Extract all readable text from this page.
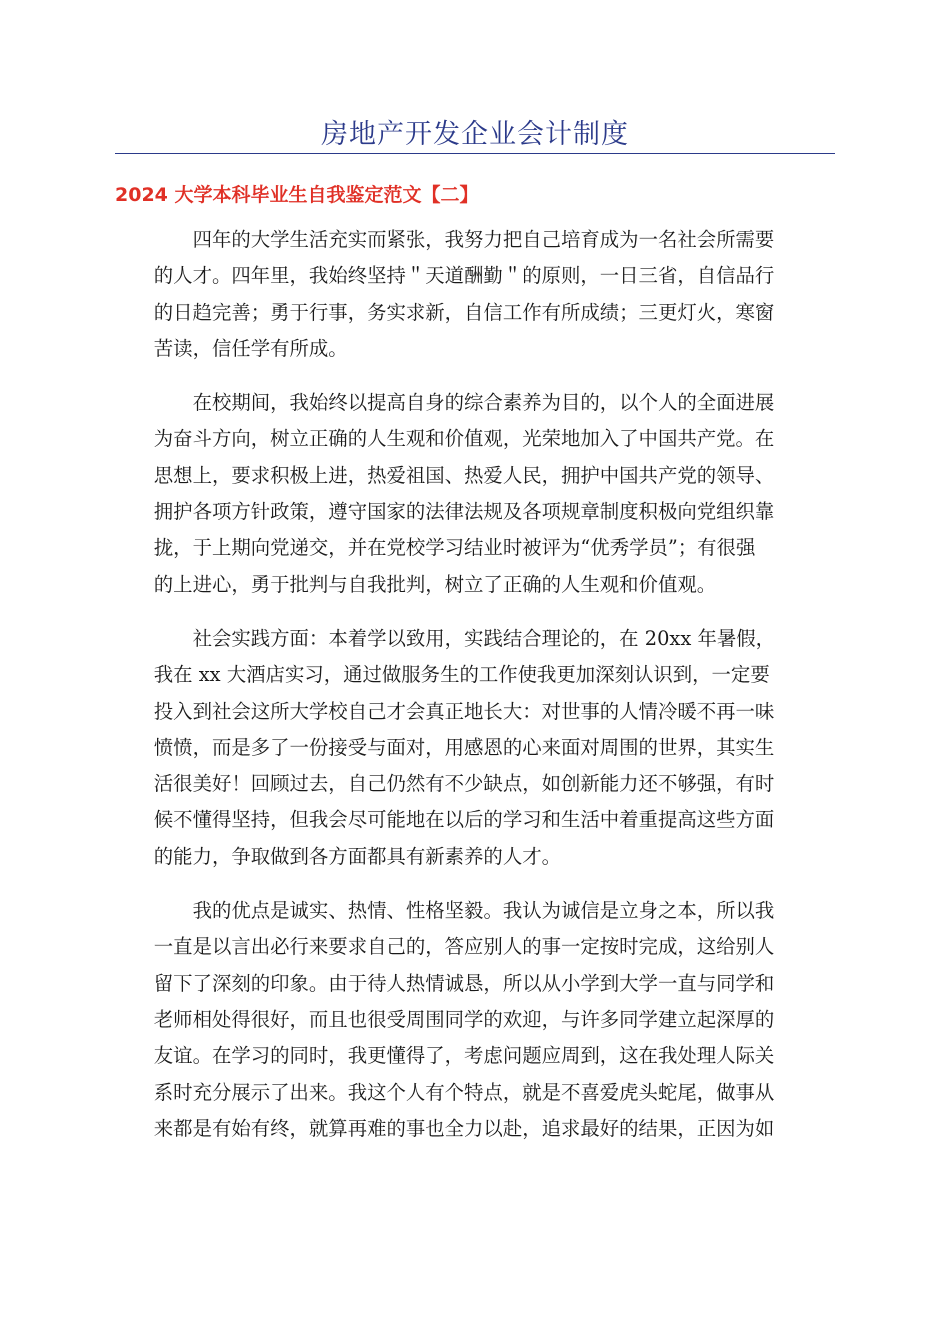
房地产开发企业会计制度
2024 大学本科毕业生自我鉴定范文【二】
四年的大学生活充实而紧张，我努力把自己培育成为一名社会所需要
的人才。四年里，我始终坚持＂天道酬勤＂的原则，一日三省，自信品行
的日趋完善；勇于行事，务实求新，自信工作有所成绩；三更灯火，寒窗
苦读，信任学有所成。
在校期间，我始终以提高自身的综合素养为目的，以个人的全面进展
为奋斗方向，树立正确的人生观和价值观，光荣地加入了中国共产党。在
思想上，要求积极上进，热爱祖国、热爱人民，拥护中国共产党的领导、
拥护各项方针政策，遵守国家的法律法规及各项规章制度积极向党组织靠
拢，于上期向党递交，并在党校学习结业时被评为“优秀学员”；有很强
的上进心，勇于批判与自我批判，树立了正确的人生观和价值观。
社会实践方面：本着学以致用，实践结合理论的，在 20xx 年暑假，
我在 xx 大酒店实习，通过做服务生的工作使我更加深刻认识到，一定要
投入到社会这所大学校自己才会真正地长大：对世事的人情冷暖不再一味
愤愤，而是多了一份接受与面对，用感恩的心来面对周围的世界，其实生
活很美好！回顾过去，自己仍然有不少缺点，如创新能力还不够强，有时
候不懂得坚持，但我会尽可能地在以后的学习和生活中着重提高这些方面
的能力，争取做到各方面都具有新素养的人才。
我的优点是诚实、热情、性格坚毅。我认为诚信是立身之本，所以我
一直是以言出必行来要求自己的，答应别人的事一定按时完成，这给别人
留下了深刻的印象。由于待人热情诚恳，所以从小学到大学一直与同学和
老师相处得很好，而且也很受周围同学的欢迎，与许多同学建立起深厚的
友谊。在学习的同时，我更懂得了，考虑问题应周到，这在我处理人际关
系时充分展示了出来。我这个人有个特点，就是不喜爱虎头蛇尾，做事从
来都是有始有终，就算再难的事也全力以赴，追求最好的结果，正因为如
